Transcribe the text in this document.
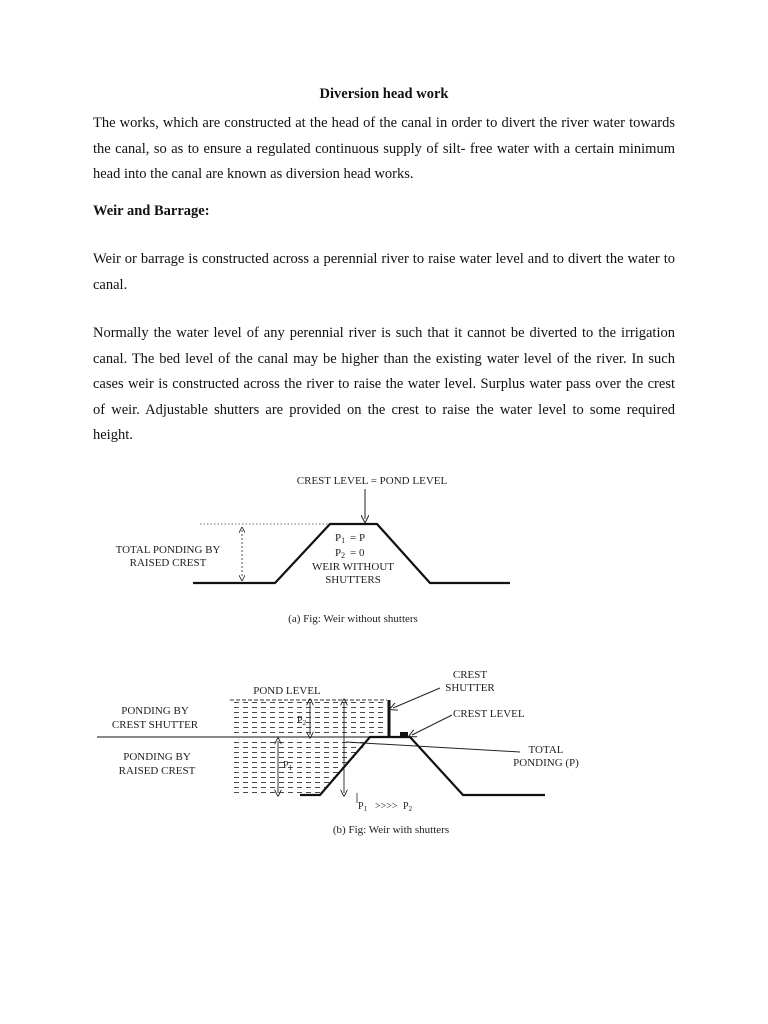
Diversion head work

The works, which are constructed at the head of the canal in order to divert the river water towards the canal, so as to ensure a regulated continuous supply of silt- free water with a certain minimum head into the canal are known as diversion head works.

Weir and Barrage:

Weir or barrage is constructed across a perennial river to raise water level and to divert the water to canal.

Normally the water level of any perennial river is such that it cannot be diverted to the irrigation canal. The bed level of the canal may be higher than the existing water level of the river. In such cases weir is constructed across the river to raise the water level. Surplus water pass over the crest of weir. Adjustable shutters are provided on the crest to raise the water level to some required height.

CREST LEVEL = POND LEVEL
TOTAL PONDING BY
RAISED CREST
P1 = P
P2 = 0
WEIR WITHOUT
SHUTTERS
(a) Fig: Weir without shutters
$P_2$
$P_1$
CREST
SHUTTER
POND LEVEL
CREST LEVEL
PONDING BY
CREST SHUTTER
PONDING BY
RAISED CREST
TOTAL
PONDING (P)
$P_1$ >>>> $P_2$
(b) Fig: Weir with shutters
